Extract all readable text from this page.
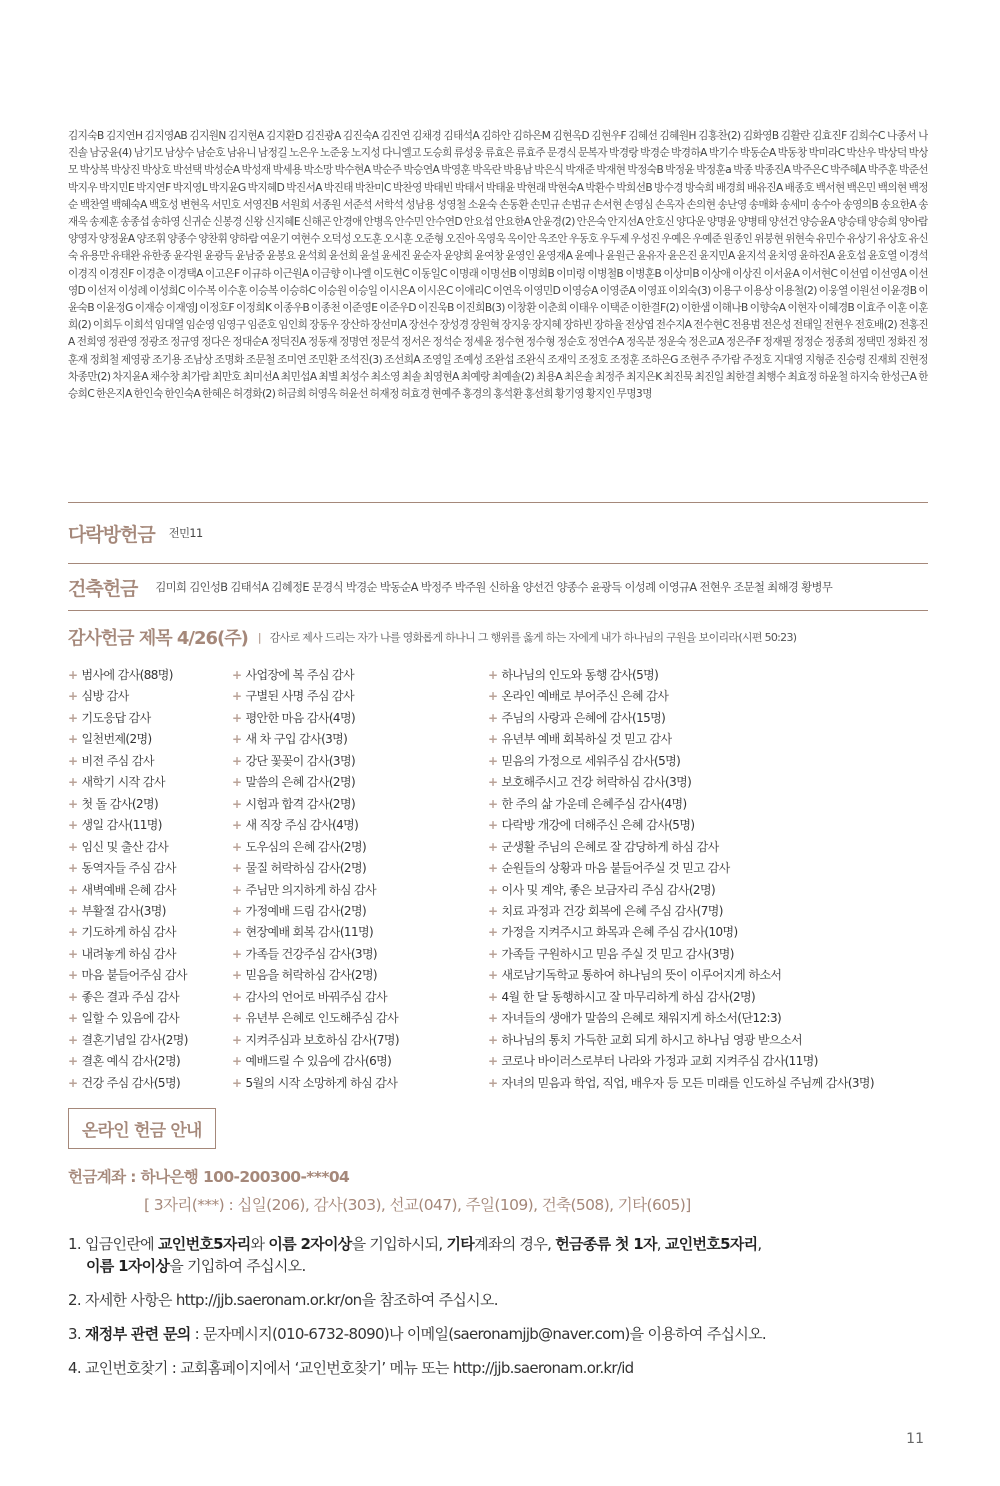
김지숙B 김지연H 김지영AB 김지원N 김지현A 김지환D 김진광A 김진숙A 김진연 김채경 김태석A 김하안 김하은M 김현옥D 김현우F 김혜선 김혜원H 김홍찬(2) 김화영B 김활란 김효진F 김희수C 나종서 나진솔 남궁윤(4) 남기모 남상수 남순호 남유니 남정길 노은우 노준웅 노지성 다니엘고 도승희 류성웅 류효은 류효주 문경식 문복자 박경랑 박경순 박경하A 박기수 박동순A 박동창 박미라C 박산우 박상덕 박상모 박상복 박상진 박상호 박선택 박성순A 박성재 박세용 박소망 박수현A 박순주 박승연A 박영훈 박옥란 박용남 박은식 박재준 박재현 박정숙B 박정윤 박정훈a 박종 박종진A 박주은C 박주혜A 박주훈 박준선 박지우 박지민E 박지연F 박지영L 박지윤G 박지혜D 박진서A 박진태 박찬미C 박찬영 박태빈 박태서 박태윤 박현래 박현숙A 박환수 박희선B 방수경 방숙희 배경희 배유진A 배종호 백서현 백은민 백의현 백정순 백찬열 백혜숙A 백호성 변현옥 서민호 서영진B 서원희 서종원 서준석 서학석 성남용 성영철 소윤숙 손동환 손민규 손범규 손서현 손영심 손옥자 손의현 송난영 송매화 송세미 송수아 송영의B 송요한A 송재욱 송제훈 송종섭 송하영 신귀순 신봉경 신왕 신지혜E 신해곤 안경애 안병옥 안수민 안수연D 안요섭 안요한A 안윤경(2) 안은숙 안지선A 안호신 양다운 양명윤 양병태 양선건 양승윤A 양승태 양승희 양아람 양영자 양정윤A 양조휘 양종수 양찬휘 양하람 여운기 여현수 오덕성 오도훈 오시훈 오준형 오진아 옥영욱 옥이안 옥조안 우동호 우두제 우성진 우예은 우예준 원종인 위붕현 위현숙 유민수 유상기 유상호 유신숙 유용만 유태완 유한종 윤각원 윤광득 윤남중 윤봉요 윤석희 윤선희 윤설 윤세진 윤순자 윤양희 윤여창 윤영인 윤영재A 윤예나 윤원근 윤유자 윤은진 윤지민A 윤지석 윤치영 윤하진A 윤호섭 윤호열 이경석 이경직 이경진F 이경춘 이경택A 이고은F 이규하 이근원A 이금향 이나엘 이도현C 이동일C 이명래 이명선B 이명희B 이미령 이병철B 이병훈B 이상미B 이상애 이상진 이서윤A 이서현C 이선엽 이선영A 이선영D 이선저 이성례 이성희C 이수복 이수훈 이승복 이승하C 이승원 이승일 이시은A 이시은C 이애리C 이연옥 이영민D 이영승A 이영준A 이영표 이외숙(3) 이용구 이용상 이용철(2) 이웅열 이원선 이윤경B 이윤숙B 이윤정G 이재승 이재영J 이정호F 이정희K 이종우B 이종천 이준영E 이준우D 이진욱B 이진희B(3) 이창환 이춘희 이태우 이택준 이한결F(2) 이한샘 이해나B 이향숙A 이현자 이혜경B 이효주 이훈 이훈희(2) 이희두 이희석 임대열 임순영 임영구 임준호 임인희 장동우 장산하 장선미A 장선수 장성경 장원혁 장지웅 장지혜 장하빈 장하율 전상엽 전수지A 전수현C 전용범 전은성 전태일 전현우 전호배(2) 전홍진A 전희영 정관영 정광조 정규영 정다은 정대순A 정덕진A 정동재 정명연 정문석 정서은 정석순 정세윤 정수현 정수형 정순호 정연수A 정옥분 정운숙 정은교A 정은주F 정재필 정정순 정종희 정택민 정화진 정훈재 정희철 제영광 조기용 조남상 조명화 조문철 조미연 조민환 조석진(3) 조선희A 조영일 조예성 조완섭 조완식 조재익 조정호 조정훈 조하은G 조현주 주가람 주정호 지대영 지형준 진승령 진재희 진현정 차종만(2) 차지윤A 채수창 최가람 최만호 최미선A 최민섭A 최별 최성수 최소영 최솔 최영현A 최예랑 최예솔(2) 최용A 최은솔 최정주 최지은K 최진묵 최진일 최한결 최행수 최효정 하윤철 하지숙 한성근A 한승희C 한은지A 한인숙 한인숙A 한혜은 허경화(2) 허금희 허영옥 허윤선 허재정 허효경 현예주 홍경의 홍석환 홍선희 황기영 황지인 무명3명

다락방헌금 전민11
건축헌금 김미희 김인성B 김태석A 김혜정E 문경식 박경순 박동순A 박정주 박주원 신하율 양선건 양종수 윤광득 이성례 이영규A 전현우 조문철 최해경 황병무
감사헌금 제목 4/26(주) | 감사로 제사 드리는 자가 나를 영화롭게 하나니 그 행위를 옳게 하는 자에게 내가 하나님의 구원을 보이리라(시편 50:23)
+ 범사에 감사(88명)
+ 심방 감사
+ 기도응답 감사
+ 일천번제(2명)
+ 비전 주심 감사
+ 새학기 시작 감사
+ 첫 돌 감사(2명)
+ 생일 감사(11명)
+ 임신 및 출산 감사
+ 동역자들 주심 감사
+ 새벽예배 은혜 감사
+ 부활절 감사(3명)
+ 기도하게 하심 감사
+ 내려놓게 하심 감사
+ 마음 붙들어주심 감사
+ 좋은 결과 주심 감사
+ 일할 수 있음에 감사
+ 결혼기념일 감사(2명)
+ 결혼 예식 감사(2명)
+ 건강 주심 감사(5명)
+ 사업장에 복 주심 감사
+ 구별된 사명 주심 감사
+ 평안한 마음 감사(4명)
+ 새 차 구입 감사(3명)
+ 강단 꽃꽂이 감사(3명)
+ 말씀의 은혜 감사(2명)
+ 시험과 합격 감사(2명)
+ 새 직장 주심 감사(4명)
+ 도우심의 은혜 감사(2명)
+ 물질 허락하심 감사(2명)
+ 주님만 의지하게 하심 감사
+ 가정예배 드림 감사(2명)
+ 현장예배 회복 감사(11명)
+ 가족들 건강주심 감사(3명)
+ 믿음을 허락하심 감사(2명)
+ 감사의 언어로 바꿔주심 감사
+ 유년부 은혜로 인도해주심 감사
+ 지켜주심과 보호하심 감사(7명)
+ 예배드릴 수 있음에 감사(6명)
+ 5월의 시작 소망하게 하심 감사
+ 하나님의 인도와 동행 감사(5명)
+ 온라인 예배로 부어주신 은혜 감사
+ 주님의 사랑과 은혜에 감사(15명)
+ 유년부 예배 회복하실 것 믿고 감사
+ 믿음의 가정으로 세워주심 감사(5명)
+ 보호해주시고 건강 허락하심 감사(3명)
+ 한 주의 삶 가운데 은혜주심 감사(4명)
+ 다락방 개강에 더해주신 은혜 감사(5명)
+ 군생활 주님의 은혜로 잘 감당하게 하심 감사
+ 순원들의 상황과 마음 붙들어주실 것 믿고 감사
+ 이사 및 계약, 좋은 보금자리 주심 감사(2명)
+ 치료 과정과 건강 회복에 은혜 주심 감사(7명)
+ 가정을 지켜주시고 화목과 은혜 주심 감사(10명)
+ 가족들 구원하시고 믿음 주실 것 믿고 감사(3명)
+ 새로남기독학교 통하여 하나님의 뜻이 이루어지게 하소서
+ 4월 한 달 동행하시고 잘 마무리하게 하심 감사(2명)
+ 자녀들의 생애가 말씀의 은혜로 채워지게 하소서(단12:3)
+ 하나님의 통치 가득한 교회 되게 하시고 하나님 영광 받으소서
+ 코로나 바이러스로부터 나라와 가정과 교회 지켜주심 감사(11명)
+ 자녀의 믿음과 학업, 직업, 배우자 등 모든 미래를 인도하실 주님께 감사(3명)
온라인 헌금 안내
헌금계좌 : 하나은행 100-200300-***04
[ 3자리(***) : 십일(206), 감사(303), 선교(047), 주일(109), 건축(508), 기타(605)]
1. 입금인란에 교인번호5자리와 이름 2자이상을 기입하시되, 기타계좌의 경우, 헌금종류 첫 1자, 교인번호5자리,
이름 1자이상을 기입하여 주십시오.
2. 자세한 사항은 http://jjb.saeronam.or.kr/on을 참조하여 주십시오.
3. 재정부 관련 문의 : 문자메시지(010-6732-8090)나 이메일(saeronamjjb@naver.com)을 이용하여 주십시오.
4. 교인번호찾기 : 교회홈페이지에서 ‘교인번호찾기’ 메뉴 또는 http://jjb.saeronam.or.kr/id
11
